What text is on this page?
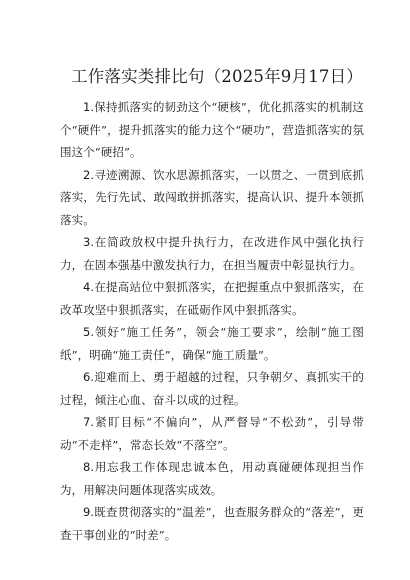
工作落实类排比句（2025年9月17日）

1.保持抓落实的韧劲这个“硬核”，优化抓落实的机制这个“硬件”，提升抓落实的能力这个“硬功”，营造抓落实的氛围这个“硬招”。

2.寻迹溯源、饮水思源抓落实，一以贯之、一贯到底抓落实，先行先试、敢闯敢拼抓落实，提高认识、提升本领抓落实。

3.在简政放权中提升执行力，在改进作风中强化执行力，在固本强基中激发执行力，在担当履责中彰显执行力。

4.在提高站位中狠抓落实，在把握重点中狠抓落实，在改革攻坚中狠抓落实，在砥砺作风中狠抓落实。

5.领好“施工任务”，领会“施工要求”，绘制“施工图纸”，明确“施工责任”，确保“施工质量”。

6.迎难而上、勇于超越的过程，只争朝夕、真抓实干的过程，倾注心血、奋斗以成的过程。

7.紧盯目标“不偏向”，从严督导“不松劲”，引导带动“不走样”，常态长效“不落空”。

8.用忘我工作体现忠诚本色，用动真碰硬体现担当作为，用解决问题体现落实成效。

9.既查贯彻落实的“温差”，也查服务群众的“落差”，更查干事创业的“时差”。
